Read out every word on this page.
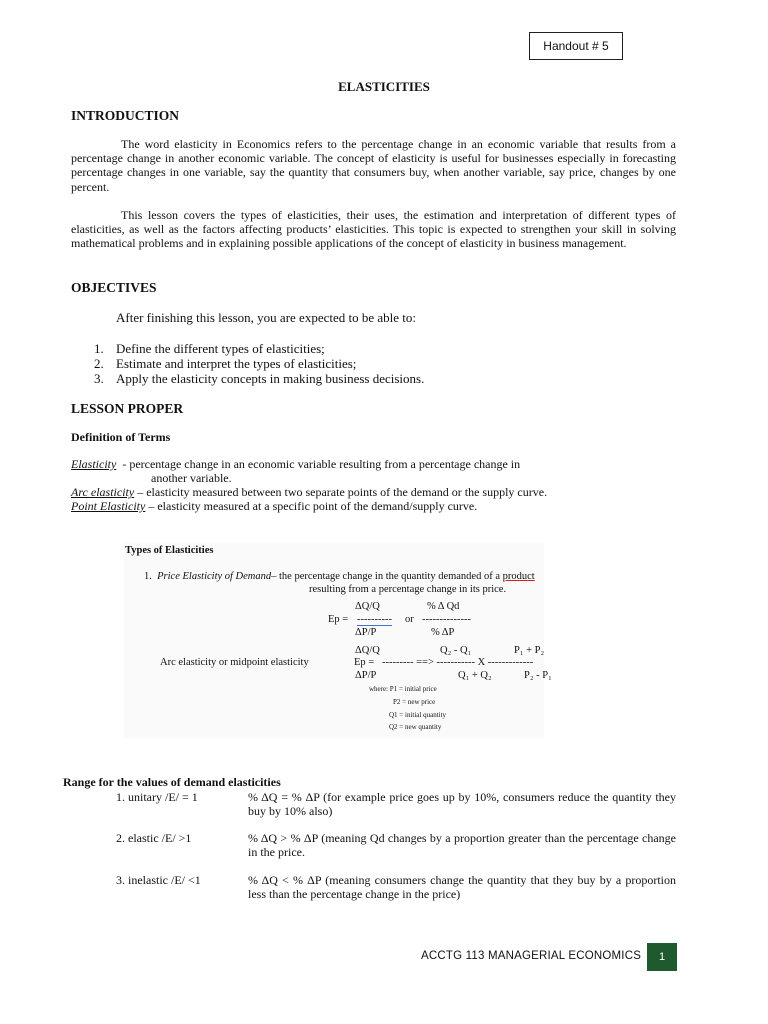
Handout # 5
ELASTICITIES
INTRODUCTION

The word elasticity in Economics refers to the percentage change in an economic variable that results from a percentage change in another economic variable. The concept of elasticity is useful for businesses especially in forecasting percentage changes in one variable, say the quantity that consumers buy, when another variable, say price, changes by one percent.

This lesson covers the types of elasticities, their uses, the estimation and interpretation of different types of elasticities, as well as the factors affecting products’ elasticities. This topic is expected to strengthen your skill in solving mathematical problems and in explaining possible applications of the concept of elasticity in business management.

OBJECTIVES
After finishing this lesson, you are expected to be able to:
1. Define the different types of elasticities;
2. Estimate and interpret the types of elasticities;
3. Apply the elasticity concepts in making business decisions.
LESSON PROPER
Definition of Terms
Elasticity - percentage change in an economic variable resulting from a percentage change in
another variable.
Arc elasticity – elasticity measured between two separate points of the demand or the supply curve.
Point Elasticity – elasticity measured at a specific point of the demand/supply curve.
Types of Elasticities
1. Price Elasticity of Demand– the percentage change in the quantity demanded of a product
resulting from a percentage change in its price.
ΔQ/Q	% Δ Qd
Ep = ---------- or --------------
ΔP/P	% ΔP
ΔQ/Q	Q₂ - Q₁	P₁ + P₂
Arc elasticity or midpoint elasticity	Ep = --------- ==> ----------- X -------------
ΔP/P	Q₁ + Q₂	P₂ - P₁
where: P1 = initial price
P2 = new price
Q1 = initial quantity
Q2 = new quantity
Range for the values of demand elasticities
1. unitary /E/ = 1	% ΔQ = % ΔP (for example price goes up by 10%, consumers reduce the quantity they buy by 10% also)
2. elastic /E/ >1	% ΔQ > % ΔP (meaning Qd changes by a proportion greater than the percentage change in the price.
3. inelastic /E/ <1	% ΔQ < % ΔP (meaning consumers change the quantity that they buy by a proportion less than the percentage change in the price)
ACCTG 113 MANAGERIAL ECONOMICS	1
